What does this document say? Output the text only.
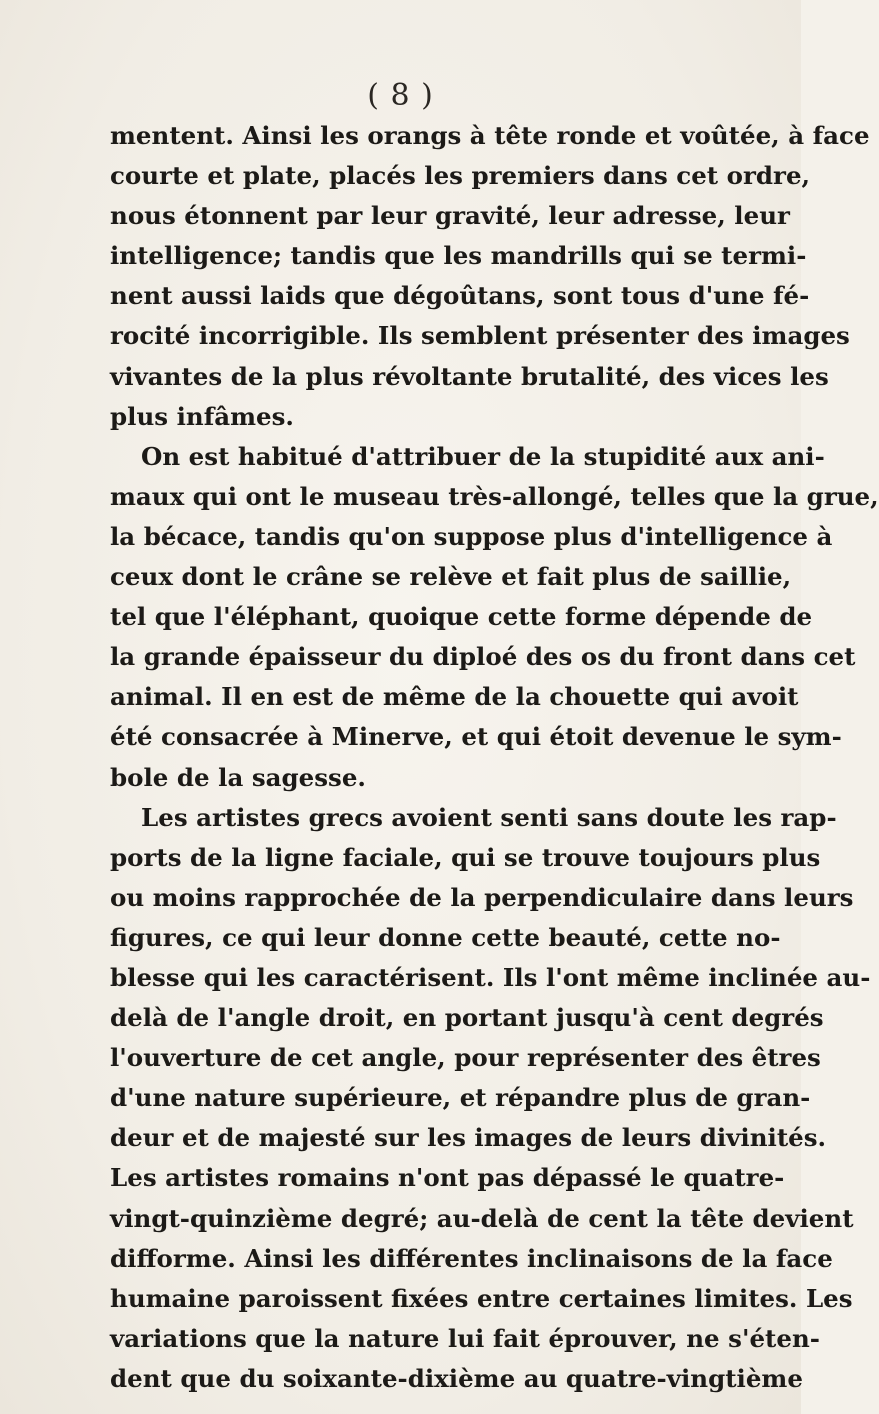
( 8 )
mentent. Ainsi les orangs à tête ronde et voûtée, à face
courte et plate, placés les premiers dans cet ordre,
nous étonnent par leur gravité, leur adresse, leur
intelligence; tandis que les mandrills qui se termi-
nent aussi laids que dégoûtans, sont tous d'une fé-
rocité incorrigible. Ils semblent présenter des images
vivantes de la plus révoltante brutalité, des vices les
plus infâmes.
On est habitué d'attribuer de la stupidité aux ani-
maux qui ont le museau très-allongé, telles que la grue,
la bécace, tandis qu'on suppose plus d'intelligence à
ceux dont le crâne se relève et fait plus de saillie,
tel que l'éléphant, quoique cette forme dépende de
la grande épaisseur du diploé des os du front dans cet
animal. Il en est de même de la chouette qui avoit
été consacrée à Minerve, et qui étoit devenue le sym-
bole de la sagesse.
Les artistes grecs avoient senti sans doute les rap-
ports de la ligne faciale, qui se trouve toujours plus
ou moins rapprochée de la perpendiculaire dans leurs
figures, ce qui leur donne cette beauté, cette no-
blesse qui les caractérisent. Ils l'ont même inclinée au-
delà de l'angle droit, en portant jusqu'à cent degrés
l'ouverture de cet angle, pour représenter des êtres
d'une nature supérieure, et répandre plus de gran-
deur et de majesté sur les images de leurs divinités.
Les artistes romains n'ont pas dépassé le quatre-
vingt-quinzième degré; au-delà de cent la tête devient
difforme. Ainsi les différentes inclinaisons de la face
humaine paroissent fixées entre certaines limites. Les
variations que la nature lui fait éprouver, ne s'éten-
dent que du soixante-dixième au quatre-vingtième
